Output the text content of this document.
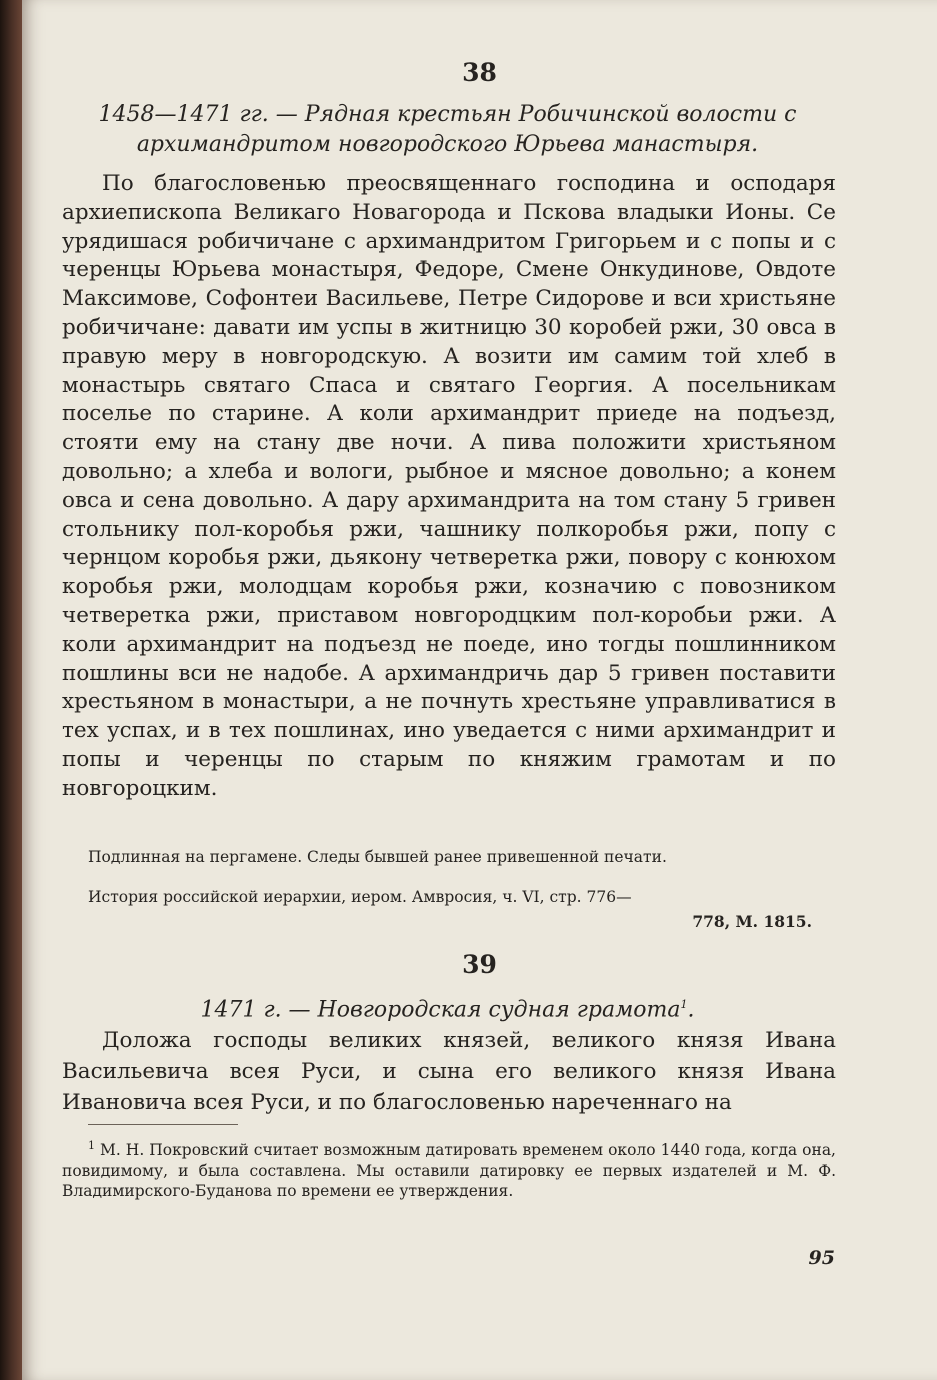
38
1458—1471 гг. — Рядная крестьян Робичинской волости с архимандритом новгородского Юрьева манастыря.

По благословенью преосвященнаго господина и осподаря архиепископа Великаго Новагорода и Пскова владыки Ионы. Се урядишася робичичане с архимандритом Григорьем и с попы и с черенцы Юрьева монастыря, Федоре, Смене Онкудинове, Овдоте Максимове, Софонтеи Васильеве, Петре Сидорове и вси христьяне робичичане: давати им успы в житницю 30 коробей ржи, 30 овса в правую меру в новгородскую. А возити им самим той хлеб в монастырь святаго Спаса и святаго Георгия. А посельникам поселье по старине. А коли архимандрит приеде на подъезд, стояти ему на стану две ночи. А пива положити христьяном довольно; а хлеба и вологи, рыбное и мясное довольно; а конем овса и сена довольно. А дару архимандрита на том стану 5 гривен стольнику пол-коробья ржи, чашнику полкоробья ржи, попу с чернцом коробья ржи, дьякону четверетка ржи, повору с конюхом коробья ржи, молодцам коробья ржи, козначию с повозником четверетка ржи, приставом новгородцким пол-коробьи ржи. А коли архимандрит на подъезд не поеде, ино тогды пошлинником пошлины вси не надобе. А архимандричь дар 5 гривен поставити хрестьяном в монастыри, а не почнуть хрестьяне управливатися в тех успах, и в тех пошлинах, ино уведается с ними архимандрит и попы и черенцы по старым по княжим грамотам и по новгороцким.

Подлинная на пергамене. Следы бывшей ранее привешенной печати.

История российской иерархии, иером. Амвросия, ч. VI, стр. 776—

778, М. 1815.
39
1471 г. — Новгородская судная грамота$^1$.

Доложа господы великих князей, великого князя Ивана Васильевича всея Руси, и сына его великого князя Ивана Ивановича всея Руси, и по благословенью нареченнаго на

$^1$ М. Н. Покровский считает возможным датировать временем около 1440 года, когда она, повидимому, и была составлена. Мы оставили датировку ее первых издателей и М. Ф. Владимирского-Буданова по времени ее утверждения.

95
